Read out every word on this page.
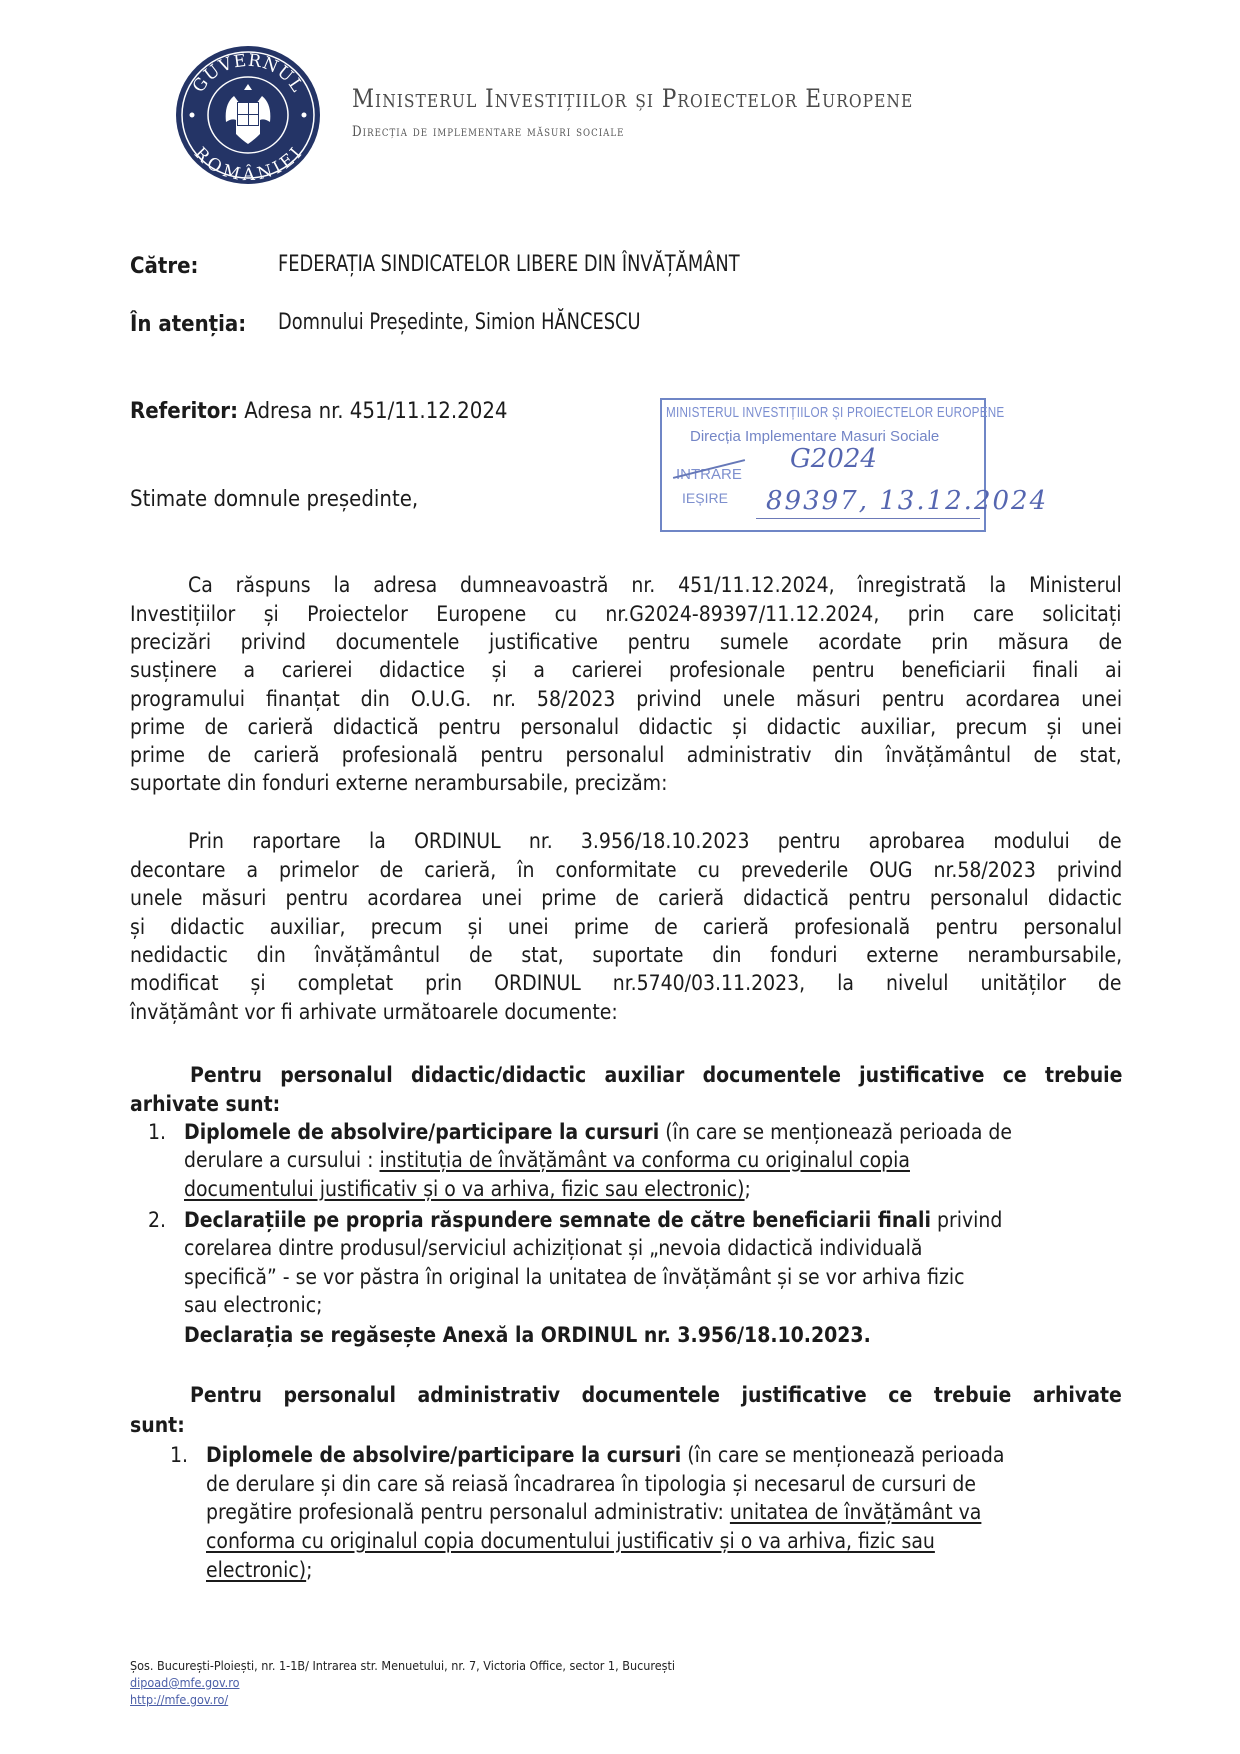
GUVERNUL
ROMÂNIEI
Ministerul Investițiilor și Proiectelor Europene
Direcția de implementare măsuri sociale
Către:	FEDERAȚIA SINDICATELOR LIBERE DIN ÎNVĂȚĂMÂNT
În atenția: Domnului Președinte, Simion HĂNCESCU
Referitor: Adresa nr. 451/11.12.2024	MINISTERUL INVESTIȚIILOR ȘI PROIECTELOR EUROPENE
Direcția Implementare Masuri Sociale
INTRARE
IEȘIRE
G2024
89397, 13.12.2024
Stimate domnule președinte,
Ca răspuns la adresa dumneavoastră nr. 451/11.12.2024, înregistrată la Ministerul
Investițiilor și Proiectelor Europene cu nr.G2024-89397/11.12.2024, prin care solicitați
precizări privind documentele justificative pentru sumele acordate prin măsura de
susținere a carierei didactice și a carierei profesionale pentru beneficiarii finali ai
programului finanțat din O.U.G. nr. 58/2023 privind unele măsuri pentru acordarea unei
prime de carieră didactică pentru personalul didactic și didactic auxiliar, precum și unei
prime de carieră profesională pentru personalul administrativ din învățământul de stat,
suportate din fonduri externe nerambursabile, precizăm:
Prin raportare la ORDINUL nr. 3.956/18.10.2023 pentru aprobarea modului de
decontare a primelor de carieră, în conformitate cu prevederile OUG nr.58/2023 privind
unele măsuri pentru acordarea unei prime de carieră didactică pentru personalul didactic
și didactic auxiliar, precum și unei prime de carieră profesională pentru personalul
nedidactic din învățământul de stat, suportate din fonduri externe nerambursabile,
modificat și completat prin ORDINUL nr.5740/03.11.2023, la nivelul unităților de
învățământ vor fi arhivate următoarele documente:
Pentru personalul didactic/didactic auxiliar documentele justificative ce trebuie
arhivate sunt:
1. Diplomele de absolvire/participare la cursuri (în care se menționează perioada de
derulare a cursului : instituția de învățământ va conforma cu originalul copia
documentului justificativ și o va arhiva, fizic sau electronic);
2. Declarațiile pe propria răspundere semnate de către beneficiarii finali privind
corelarea dintre produsul/serviciul achiziționat și „nevoia didactică individuală
specifică” - se vor păstra în original la unitatea de învățământ și se vor arhiva fizic
sau electronic;
Declarația se regăsește Anexă la ORDINUL nr. 3.956/18.10.2023.
Pentru personalul administrativ documentele justificative ce trebuie arhivate
sunt:
1. Diplomele de absolvire/participare la cursuri (în care se menționează perioada
de derulare și din care să reiasă încadrarea în tipologia și necesarul de cursuri de
pregătire profesională pentru personalul administrativ: unitatea de învățământ va
conforma cu originalul copia documentului justificativ și o va arhiva, fizic sau
electronic);
Șos. București-Ploiești, nr. 1-1B/ Intrarea str. Menuetului, nr. 7, Victoria Office, sector 1, București
dipoad@mfe.gov.ro
http://mfe.gov.ro/
